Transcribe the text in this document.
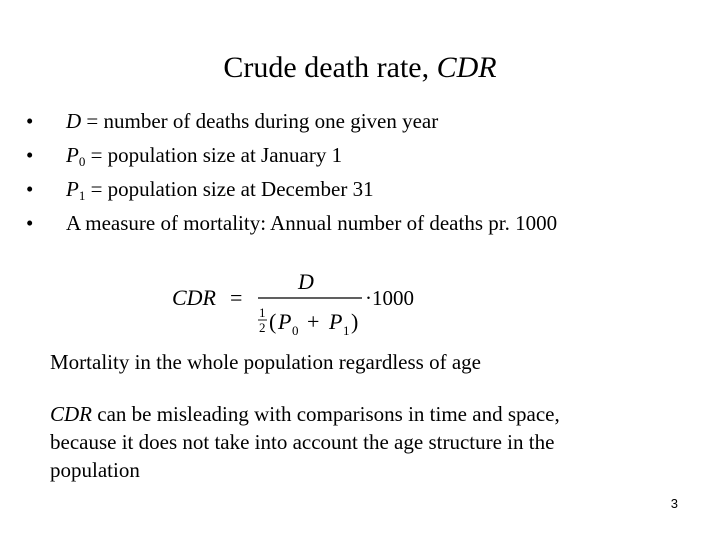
Crude death rate, CDR
•	D = number of deaths during one given year
•	$P_0$ = population size at January 1
•	$P_1$ = population size at December 31
•	A measure of mortality: Annual number of deaths pr. 1000
CDR =
D
1
2 ( P 0 + P 1 )
·1000
Mortality in the whole population regardless of age
CDR can be misleading with comparisons in time and space, because it does not take into account the age structure in the population
3
